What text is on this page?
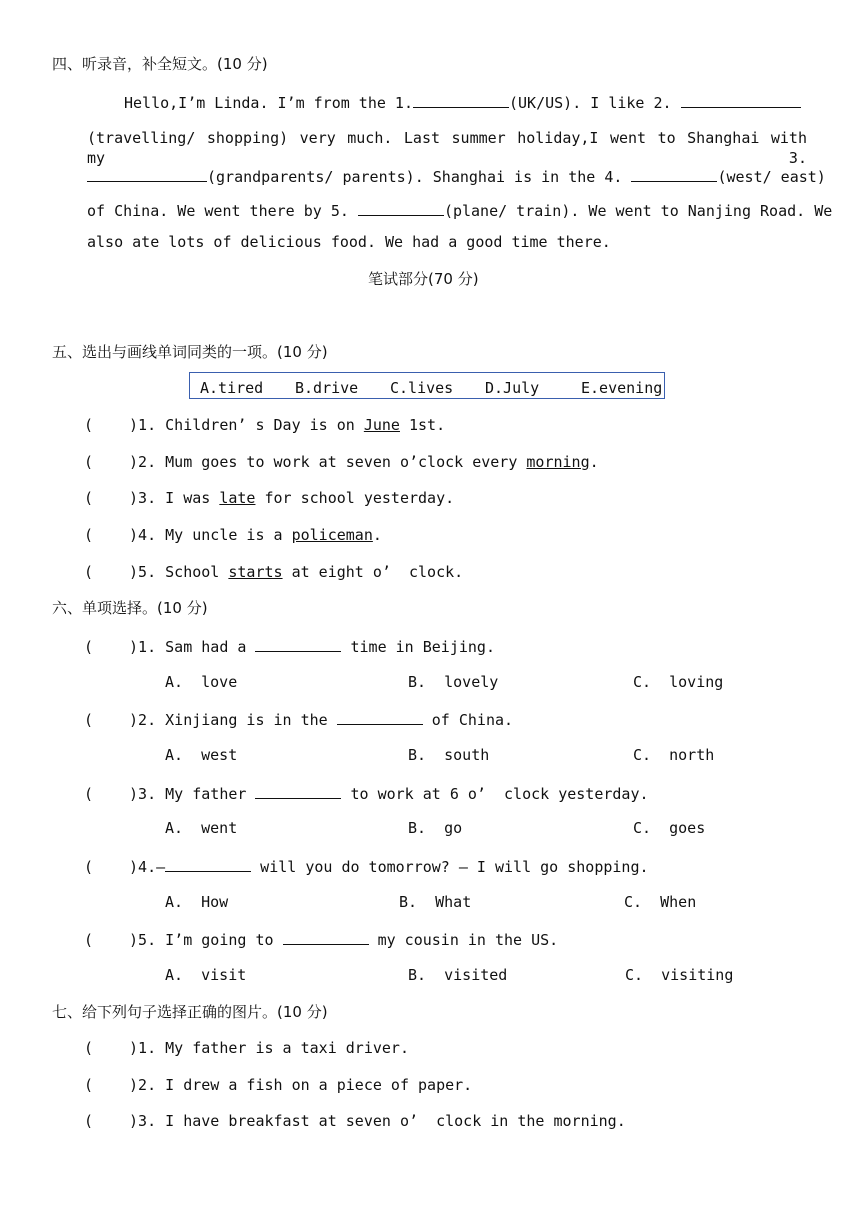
四、听录音，补全短文。(10 分)
Hello,I’m Linda. I’m from the 1.	(UK/US). I like 2.
(travelling/ shopping) very much. Last summer holiday,I went to Shanghai with my 3.
(grandparents/ parents). Shanghai is in the 4.	(west/ east)
of China. We went there by 5.	(plane/ train). We went to Nanjing Road. We
also ate lots of delicious food. We had a good time there.
笔试部分(70 分)
五、选出与画线单词同类的一项。(10 分)
A.tired B.drive C.lives D.July	E.evening
( )1. Children’ s Day is on June 1st.
( )2. Mum goes to work at seven o’clock every morning.
( )3. I was late for school yesterday.
( )4. My uncle is a policeman.
( )5. School starts at eight o’  clock.
六、单项选择。(10 分)
( )1. Sam had a	time in Beijing.
A.  love	B.  lovely	C.  loving
( )2. Xinjiang is in the	of China.
A.  west	B.  south	C.  north
( )3. My father	to work at 6 o’  clock yesterday.
A.  went	B.  go	C.  goes
( )4.—	will you do tomorrow? — I will go shopping.
A.  How	B.  What	C.  When
( )5. I’m going to	my cousin in the US.
A.  visit	B.  visited	C.  visiting
七、给下列句子选择正确的图片。(10 分)
( )1. My father is a taxi driver.
( )2. I drew a fish on a piece of paper.
( )3. I have breakfast at seven o’  clock in the morning.
